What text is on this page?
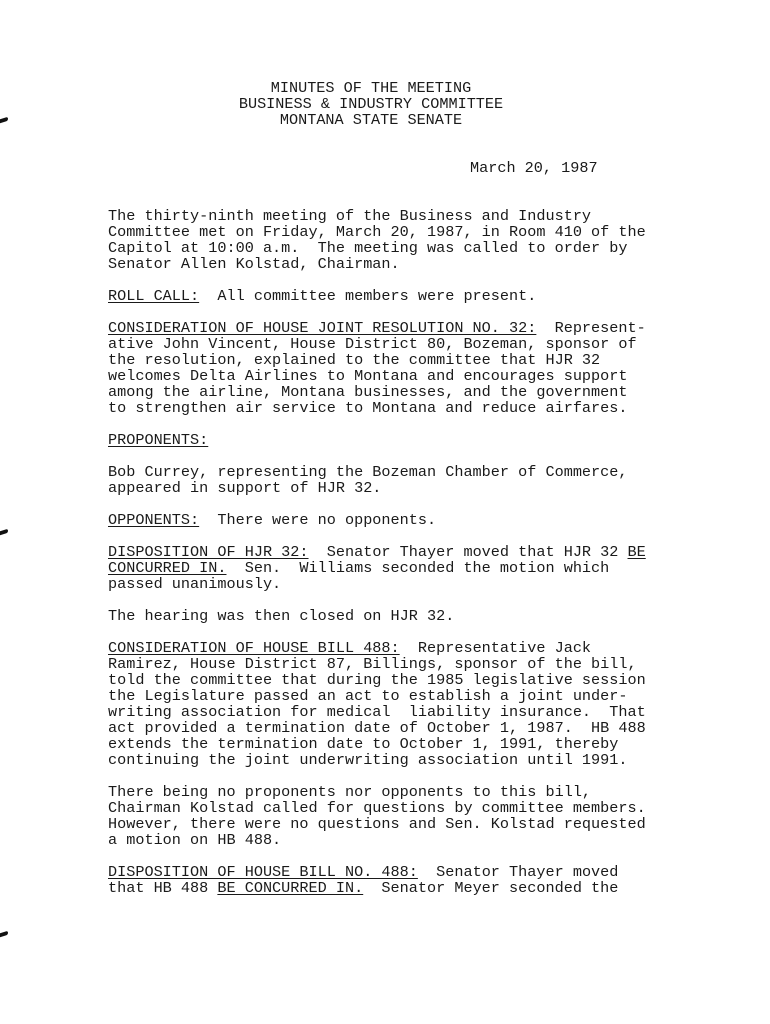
MINUTES OF THE MEETING

BUSINESS & INDUSTRY COMMITTEE

MONTANA STATE SENATE

March 20, 1987

The thirty-ninth meeting of the Business and Industry

Committee met on Friday, March 20, 1987, in Room 410 of the

Capitol at 10:00 a.m.  The meeting was called to order by

Senator Allen Kolstad, Chairman.

ROLL CALL:  All committee members were present.

CONSIDERATION OF HOUSE JOINT RESOLUTION NO. 32:  Represent-

ative John Vincent, House District 80, Bozeman, sponsor of

the resolution, explained to the committee that HJR 32

welcomes Delta Airlines to Montana and encourages support

among the airline, Montana businesses, and the government

to strengthen air service to Montana and reduce airfares.

PROPONENTS:

Bob Currey, representing the Bozeman Chamber of Commerce,

appeared in support of HJR 32.

OPPONENTS:  There were no opponents.

DISPOSITION OF HJR 32:  Senator Thayer moved that HJR 32 BE

CONCURRED IN.  Sen.  Williams seconded the motion which

passed unanimously.

The hearing was then closed on HJR 32.

CONSIDERATION OF HOUSE BILL 488:  Representative Jack

Ramirez, House District 87, Billings, sponsor of the bill,

told the committee that during the 1985 legislative session

the Legislature passed an act to establish a joint under-

writing association for medical  liability insurance.  That

act provided a termination date of October 1, 1987.  HB 488

extends the termination date to October 1, 1991, thereby

continuing the joint underwriting association until 1991.

There being no proponents nor opponents to this bill,

Chairman Kolstad called for questions by committee members.

However, there were no questions and Sen. Kolstad requested

a motion on HB 488.

DISPOSITION OF HOUSE BILL NO. 488:  Senator Thayer moved

that HB 488 BE CONCURRED IN.  Senator Meyer seconded the
